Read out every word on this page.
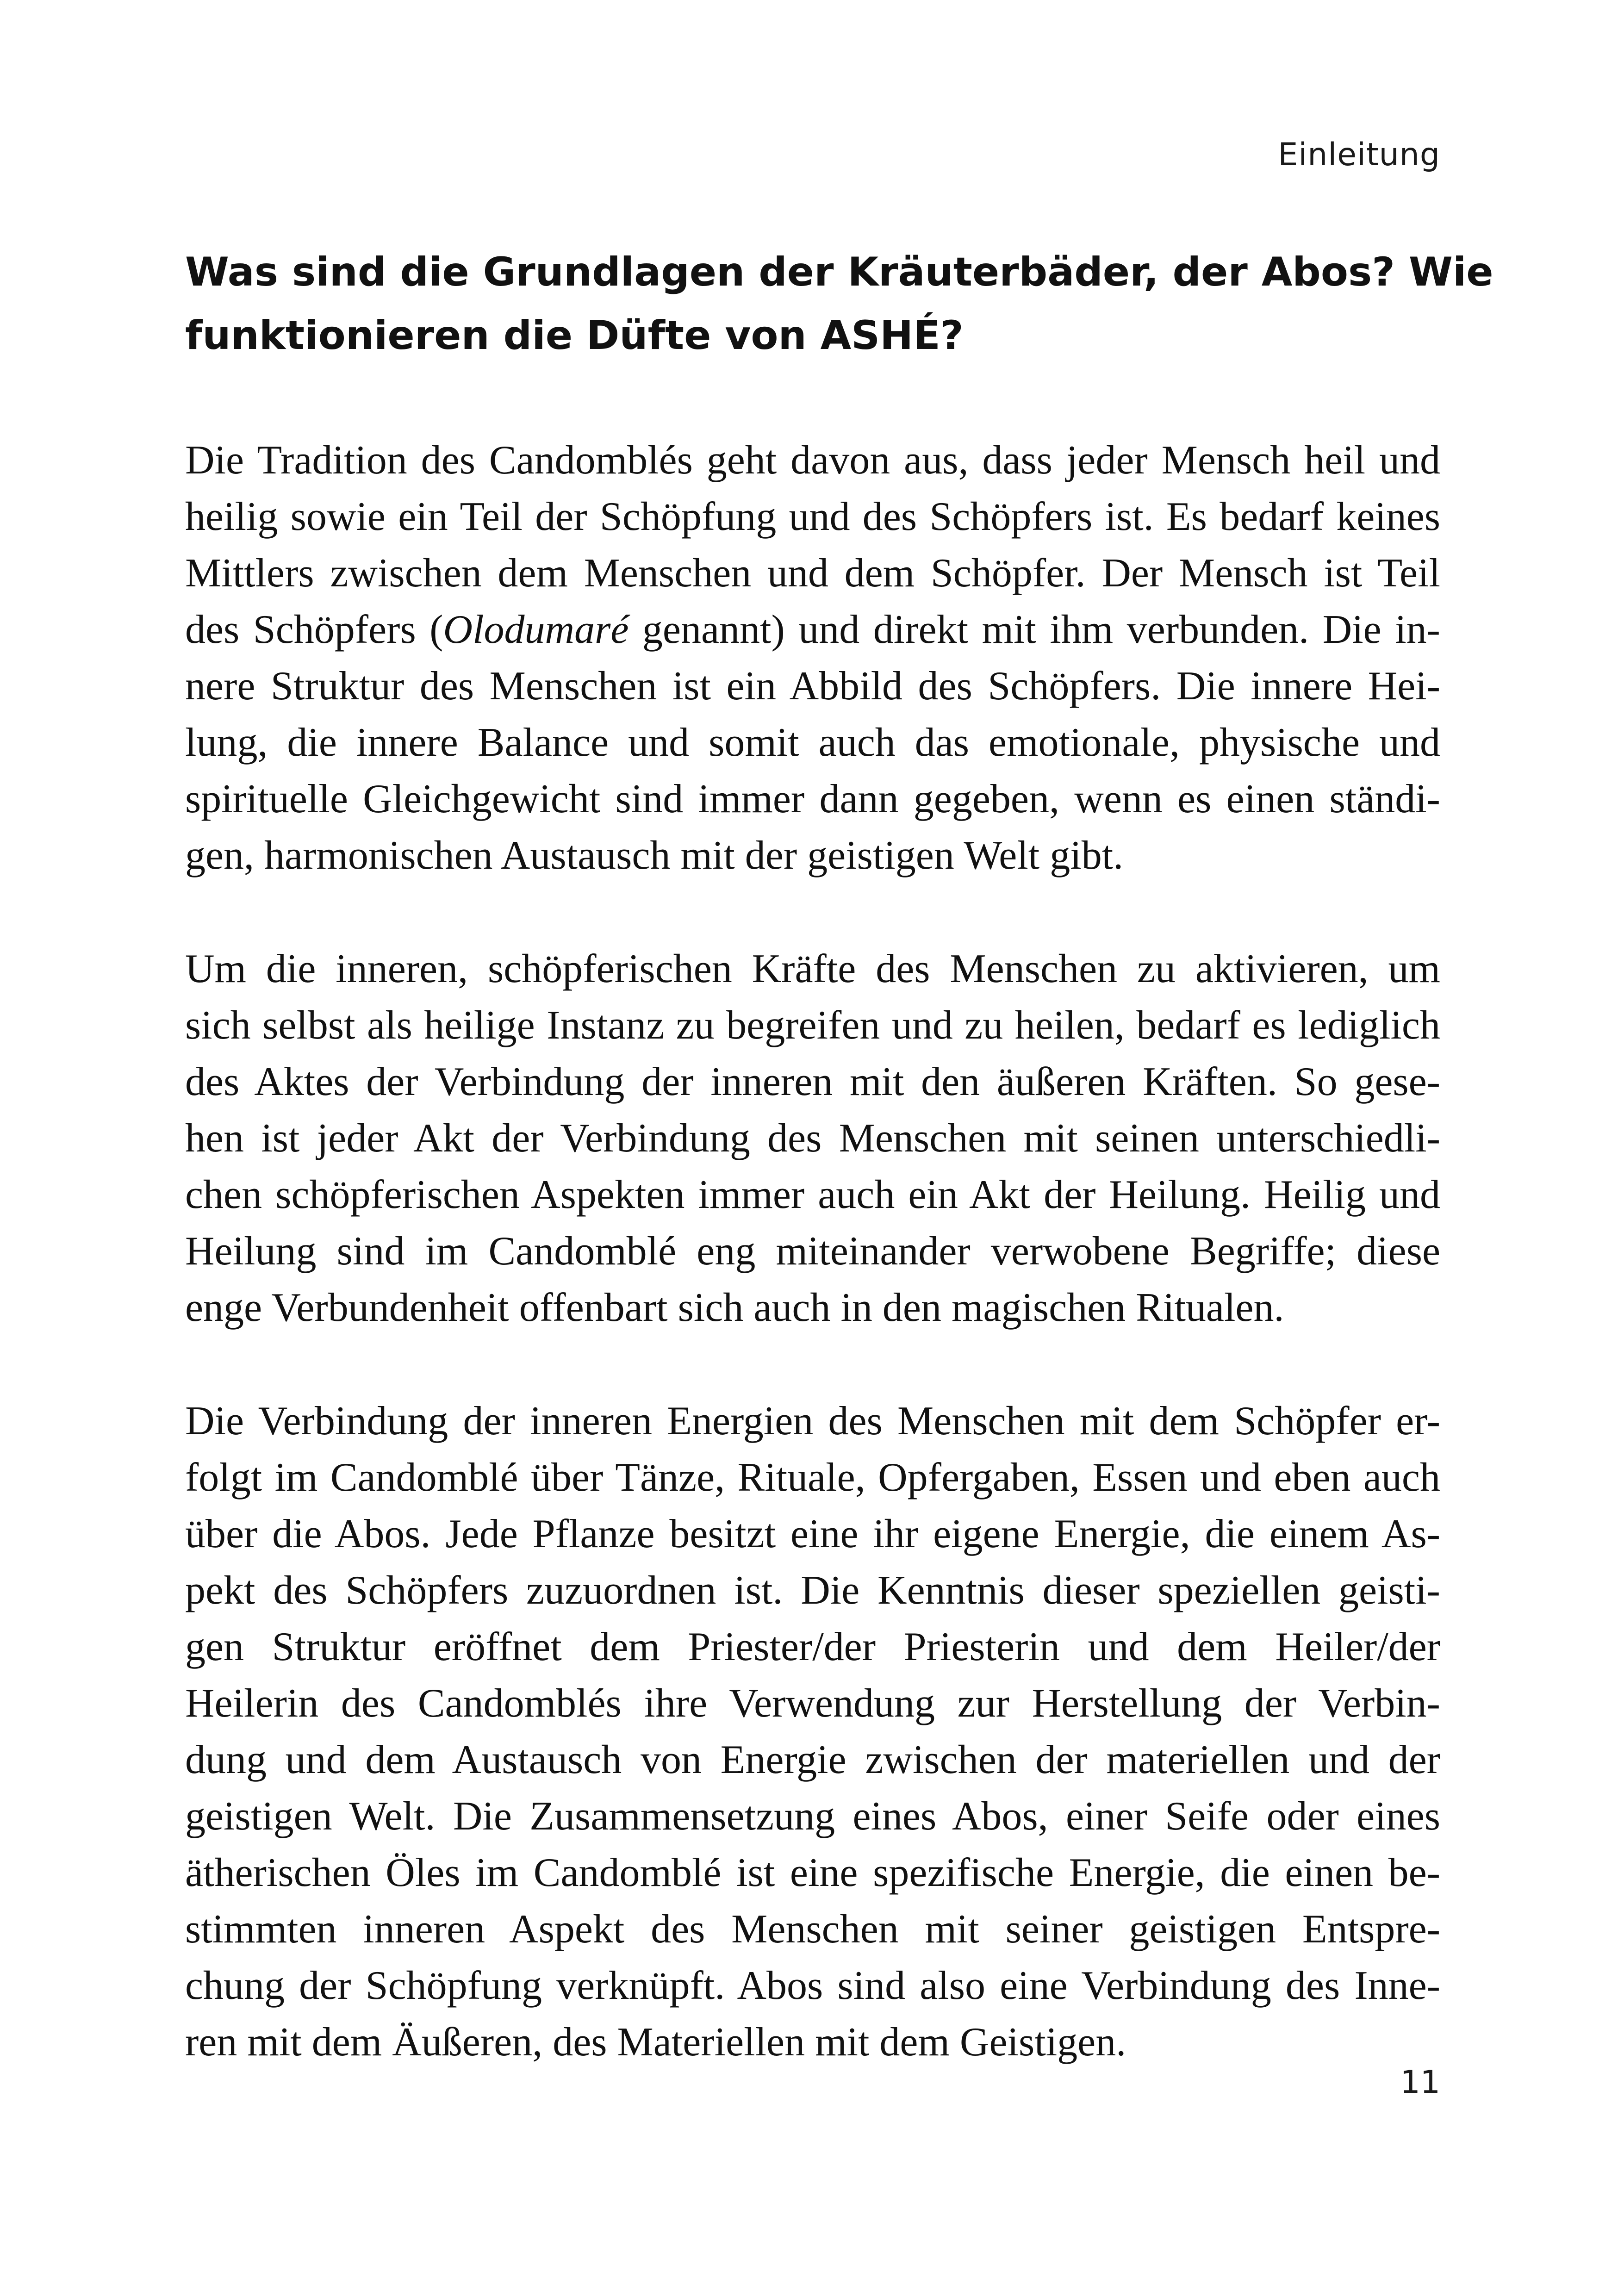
Einleitung
Was sind die Grundlagen der Kräuterbäder, der Abos? Wie
funktionieren die Düfte von ASHÉ?
Die Tradition des Candomblés geht davon aus, dass jeder Mensch heil und
heilig sowie ein Teil der Schöpfung und des Schöpfers ist. Es bedarf keines
Mittlers zwischen dem Menschen und dem Schöpfer. Der Mensch ist Teil
des Schöpfers (Olodumaré genannt) und direkt mit ihm verbunden. Die in-
nere Struktur des Menschen ist ein Abbild des Schöpfers. Die innere Hei-
lung, die innere Balance und somit auch das emotionale, physische und
spirituelle Gleichgewicht sind immer dann gegeben, wenn es einen ständi-
gen, harmonischen Austausch mit der geistigen Welt gibt.
Um die inneren, schöpferischen Kräfte des Menschen zu aktivieren, um
sich selbst als heilige Instanz zu begreifen und zu heilen, bedarf es lediglich
des Aktes der Verbindung der inneren mit den äußeren Kräften. So gese-
hen ist jeder Akt der Verbindung des Menschen mit seinen unterschiedli-
chen schöpferischen Aspekten immer auch ein Akt der Heilung. Heilig und
Heilung sind im Candomblé eng miteinander verwobene Begriffe; diese
enge Verbundenheit offenbart sich auch in den magischen Ritualen.
Die Verbindung der inneren Energien des Menschen mit dem Schöpfer er-
folgt im Candomblé über Tänze, Rituale, Opfergaben, Essen und eben auch
über die Abos. Jede Pflanze besitzt eine ihr eigene Energie, die einem As-
pekt des Schöpfers zuzuordnen ist. Die Kenntnis dieser speziellen geisti-
gen Struktur eröffnet dem Priester/der Priesterin und dem Heiler/der
Heilerin des Candomblés ihre Verwendung zur Herstellung der Verbin-
dung und dem Austausch von Energie zwischen der materiellen und der
geistigen Welt. Die Zusammensetzung eines Abos, einer Seife oder eines
ätherischen Öles im Candomblé ist eine spezifische Energie, die einen be-
stimmten inneren Aspekt des Menschen mit seiner geistigen Entspre-
chung der Schöpfung verknüpft. Abos sind also eine Verbindung des Inne-
ren mit dem Äußeren, des Materiellen mit dem Geistigen.
11
